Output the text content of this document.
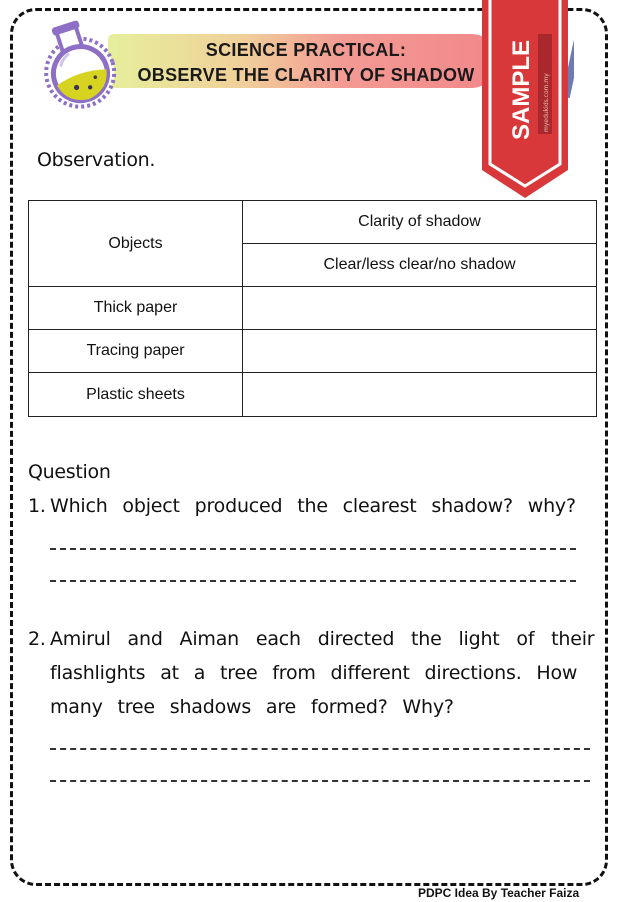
SCIENCE PRACTICAL:
OBSERVE THE CLARITY OF SHADOW	SAMPLE myedukids.com.my
Observation.
Objects	Clarity of shadow
	Clear/less clear/no shadow
Thick paper	
Tracing paper	
Plastic sheets	
Question
1. Which object produced the clearest shadow? why?
2. Amirul and Aiman each directed the light of their
flashlights at a tree from different directions. How
many tree shadows are formed? Why?
PDPC Idea By Teacher Faiza
